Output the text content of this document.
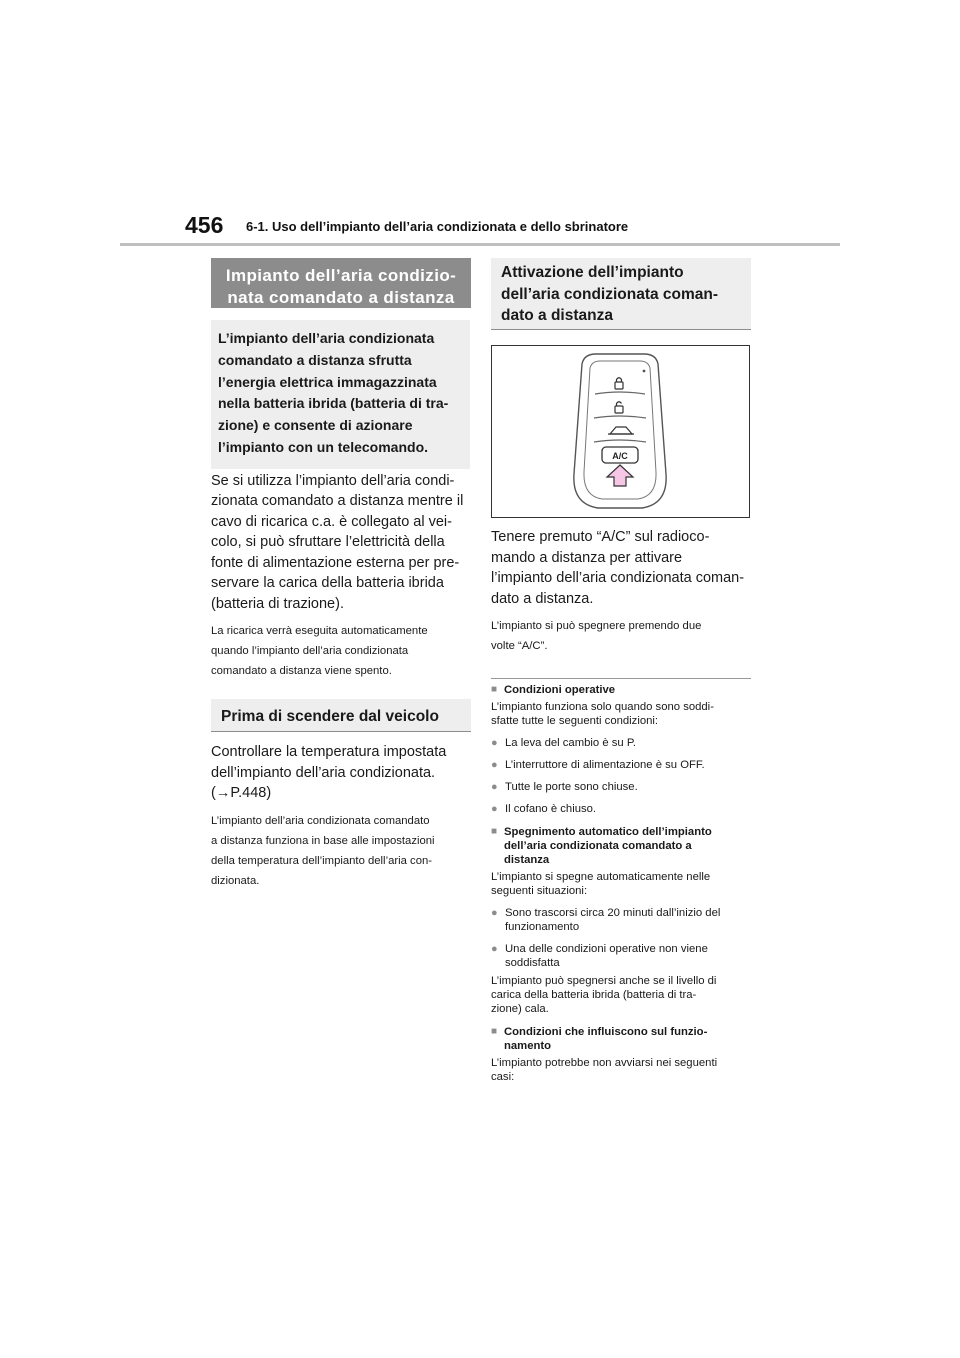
456 6-1. Uso dell’impianto dell’aria condizionata e dello sbrinatore
Impianto dell’aria condizio-
nata comandato a distanza
L’impianto dell’aria condizionata
comandato a distanza sfrutta
l’energia elettrica immagazzinata
nella batteria ibrida (batteria di tra-
zione) e consente di azionare
l’impianto con un telecomando.
Se si utilizza l’impianto dell’aria condi-
zionata comandato a distanza mentre il
cavo di ricarica c.a. è collegato al vei-
colo, si può sfruttare l’elettricità della
fonte di alimentazione esterna per pre-
servare la carica della batteria ibrida
(batteria di trazione).
La ricarica verrà eseguita automaticamente
quando l’impianto dell’aria condizionata
comandato a distanza viene spento.
Prima di scendere dal veicolo
Controllare la temperatura impostata
dell’impianto dell’aria condizionata.
(→P.448)
L’impianto dell’aria condizionata comandato
a distanza funziona in base alle impostazioni
della temperatura dell’impianto dell’aria con-
dizionata.
Attivazione dell’impianto
dell’aria condizionata coman-
dato a distanza
A/C
Tenere premuto “A/C” sul radioco-
mando a distanza per attivare
l’impianto dell’aria condizionata coman-
dato a distanza.
L’impianto si può spegnere premendo due
volte “A/C”.
■ Condizioni operative
L’impianto funziona solo quando sono soddi-
sfatte tutte le seguenti condizioni:
● La leva del cambio è su P.
● L’interruttore di alimentazione è su OFF.
● Tutte le porte sono chiuse.
● Il cofano è chiuso.
■ Spegnimento automatico dell’impianto
dell’aria condizionata comandato a
distanza
L’impianto si spegne automaticamente nelle
seguenti situazioni:
● Sono trascorsi circa 20 minuti dall’inizio del
funzionamento
● Una delle condizioni operative non viene
soddisfatta
L’impianto può spegnersi anche se il livello di
carica della batteria ibrida (batteria di tra-
zione) cala.
■ Condizioni che influiscono sul funzio-
namento
L’impianto potrebbe non avviarsi nei seguenti
casi:
